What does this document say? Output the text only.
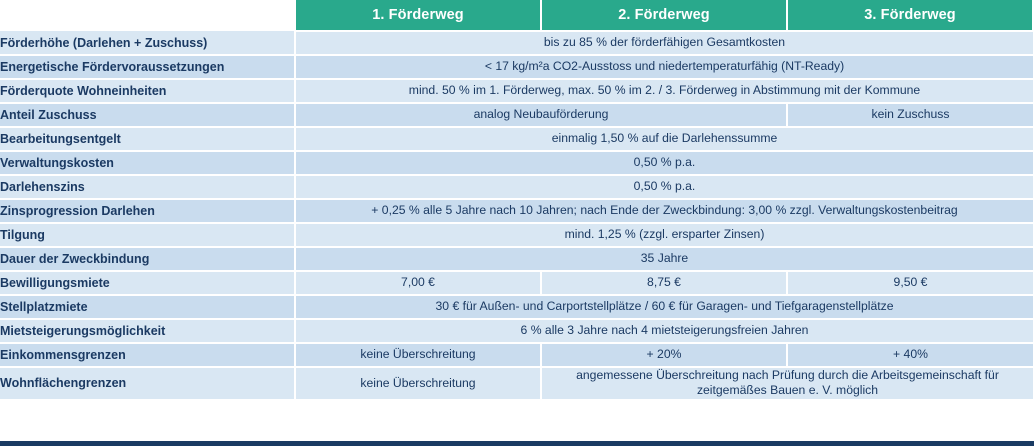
	1. Förderweg	2. Förderweg	3. Förderweg
Förderhöhe (Darlehen + Zuschuss)	bis zu 85 % der förderfähigen Gesamtkosten		
Energetische Fördervoraussetzungen	< 17 kg/m²a CO2-Ausstoss und niedertemperaturfähig (NT-Ready)		
Förderquote Wohneinheiten	mind. 50 % im 1. Förderweg, max. 50 % im 2. / 3. Förderweg in Abstimmung mit der Kommune		
Anteil Zuschuss	analog Neubauförderung		kein Zuschuss
Bearbeitungsentgelt	einmalig 1,50 % auf die Darlehenssumme		
Verwaltungskosten	0,50 % p.a.		
Darlehenszins	0,50 % p.a.		
Zinsprogression Darlehen	+ 0,25 % alle 5 Jahre nach 10 Jahren; nach Ende der Zweckbindung: 3,00 % zzgl. Verwaltungskostenbeitrag		
Tilgung	mind. 1,25 % (zzgl. ersparter Zinsen)		
Dauer der Zweckbindung	35 Jahre		
Bewilligungsmiete	7,00 €	8,75 €	9,50 €
Stellplatzmiete	30 € für Außen- und Carportstellplätze / 60 € für Garagen- und Tiefgaragenstellplätze		
Mietsteigerungsmöglichkeit	6 % alle 3 Jahre nach 4 mietsteigerungsfreien Jahren		
Einkommensgrenzen	keine Überschreitung	+ 20%	+ 40%
Wohnflächengrenzen	keine Überschreitung	angemessene Überschreitung nach Prüfung durch die Arbeitsgemeinschaft für zeitgemäßes Bauen e. V. möglich	
